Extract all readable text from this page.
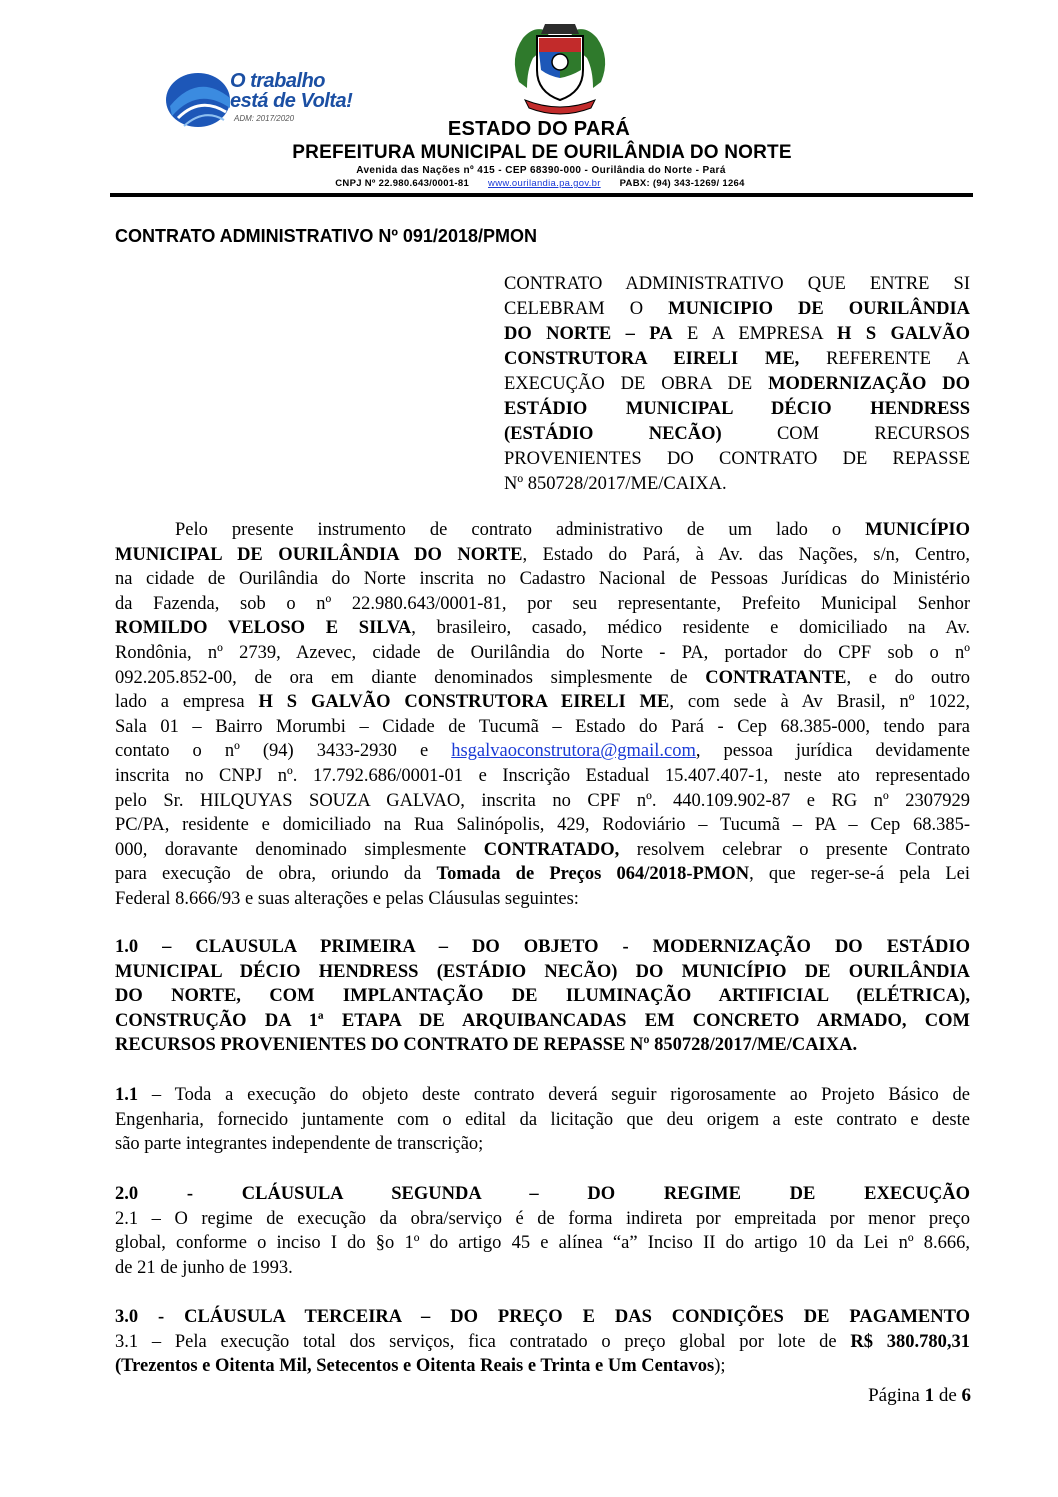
O trabalho
está de Volta!
ADM: 2017/2020	ESTADO DO PARÁ
PREFEITURA MUNICIPAL DE OURILÂNDIA DO NORTE
Avenida das Nações nº 415 - CEP 68390-000 - Ourilândia do Norte - Pará
CNPJ Nº 22.980.643/0001-81 www.ourilandia.pa.gov.br PABX: (94) 343-1269/ 1264
CONTRATO ADMINISTRATIVO Nº 091/2018/PMON
CONTRATO ADMINISTRATIVO QUE ENTRE SI
CELEBRAM O MUNICIPIO DE OURILÂNDIA
DO NORTE – PA E A EMPRESA H S GALVÃO
CONSTRUTORA EIRELI ME, REFERENTE A
EXECUÇÃO DE OBRA DE MODERNIZAÇÃO DO
ESTÁDIO MUNICIPAL DÉCIO HENDRESS
(ESTÁDIO NECÃO) COM RECURSOS
PROVENIENTES DO CONTRATO DE REPASSE
Nº 850728/2017/ME/CAIXA.
Pelo presente instrumento de contrato administrativo de um lado o MUNICÍPIO
MUNICIPAL DE OURILÂNDIA DO NORTE, Estado do Pará, à Av. das Nações, s/n, Centro,
na cidade de Ourilândia do Norte inscrita no Cadastro Nacional de Pessoas Jurídicas do Ministério
da Fazenda, sob o nº 22.980.643/0001-81, por seu representante, Prefeito Municipal Senhor
ROMILDO VELOSO E SILVA, brasileiro, casado, médico residente e domiciliado na Av.
Rondônia, nº 2739, Azevec, cidade de Ourilândia do Norte - PA, portador do CPF sob o nº
092.205.852-00, de ora em diante denominados simplesmente de CONTRATANTE, e do outro
lado a empresa H S GALVÃO CONSTRUTORA EIRELI ME, com sede à Av Brasil, nº 1022,
Sala 01 – Bairro Morumbi – Cidade de Tucumã – Estado do Pará - Cep 68.385-000, tendo para
contato o nº (94) 3433-2930 e hsgalvaoconstrutora@gmail.com, pessoa jurídica devidamente
inscrita no CNPJ nº. 17.792.686/0001-01 e Inscrição Estadual 15.407.407-1, neste ato representado
pelo Sr. HILQUYAS SOUZA GALVAO, inscrita no CPF nº. 440.109.902-87 e RG nº 2307929
PC/PA, residente e domiciliado na Rua Salinópolis, 429, Rodoviário – Tucumã – PA – Cep 68.385-
000, doravante denominado simplesmente CONTRATADO, resolvem celebrar o presente Contrato
para execução de obra, oriundo da Tomada de Preços 064/2018-PMON, que reger-se-á pela Lei
Federal 8.666/93 e suas alterações e pelas Cláusulas seguintes:
1.0 – CLAUSULA PRIMEIRA – DO OBJETO - MODERNIZAÇÃO DO ESTÁDIO
MUNICIPAL DÉCIO HENDRESS (ESTÁDIO NECÃO) DO MUNICÍPIO DE OURILÂNDIA
DO NORTE, COM IMPLANTAÇÃO DE ILUMINAÇÃO ARTIFICIAL (ELÉTRICA),
CONSTRUÇÃO DA 1ª ETAPA DE ARQUIBANCADAS EM CONCRETO ARMADO, COM
RECURSOS PROVENIENTES DO CONTRATO DE REPASSE Nº 850728/2017/ME/CAIXA.
1.1 – Toda a execução do objeto deste contrato deverá seguir rigorosamente ao Projeto Básico de
Engenharia, fornecido juntamente com o edital da licitação que deu origem a este contrato e deste
são parte integrantes independente de transcrição;
2.0 - CLÁUSULA SEGUNDA – DO REGIME DE EXECUÇÃO
2.1 – O regime de execução da obra/serviço é de forma indireta por empreitada por menor preço
global, conforme o inciso I do §o 1º do artigo 45 e alínea “a” Inciso II do artigo 10 da Lei nº 8.666,
de 21 de junho de 1993.
3.0 - CLÁUSULA TERCEIRA – DO PREÇO E DAS CONDIÇÕES DE PAGAMENTO
3.1 – Pela execução total dos serviços, fica contratado o preço global por lote de R$ 380.780,31
(Trezentos e Oitenta Mil, Setecentos e Oitenta Reais e Trinta e Um Centavos);
Página 1 de 6
